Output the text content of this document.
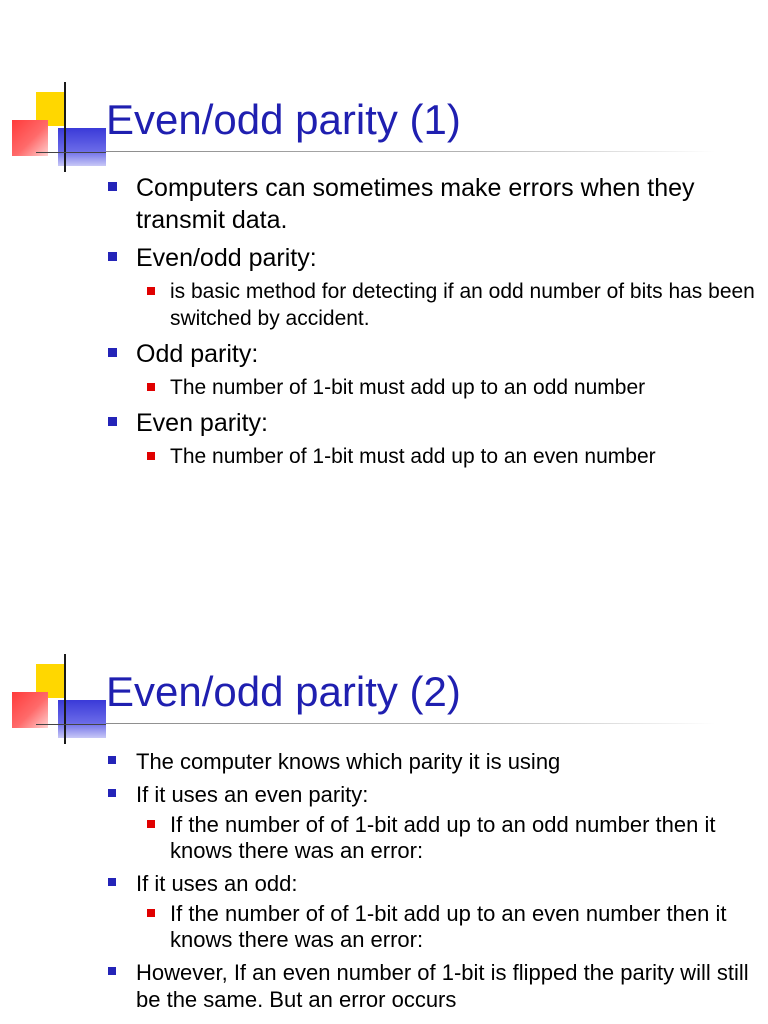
Even/odd parity (1)
Computers can sometimes make errors when they transmit data.
Even/odd parity:
is basic method for detecting if an odd number of bits has been switched by accident.
Odd parity:
The number of 1-bit must add up to an odd number
Even parity:
The number of 1-bit must add up to an even number
Even/odd parity (2)
The computer knows which parity it is using
If it uses an even parity:
If the number of of 1-bit add up to an odd number then it knows there was an error:
If it uses an odd:
If the number of of 1-bit add up to an even number then it knows there was an error:
However, If an even number of 1-bit is flipped the parity will still be the same. But an error occurs
